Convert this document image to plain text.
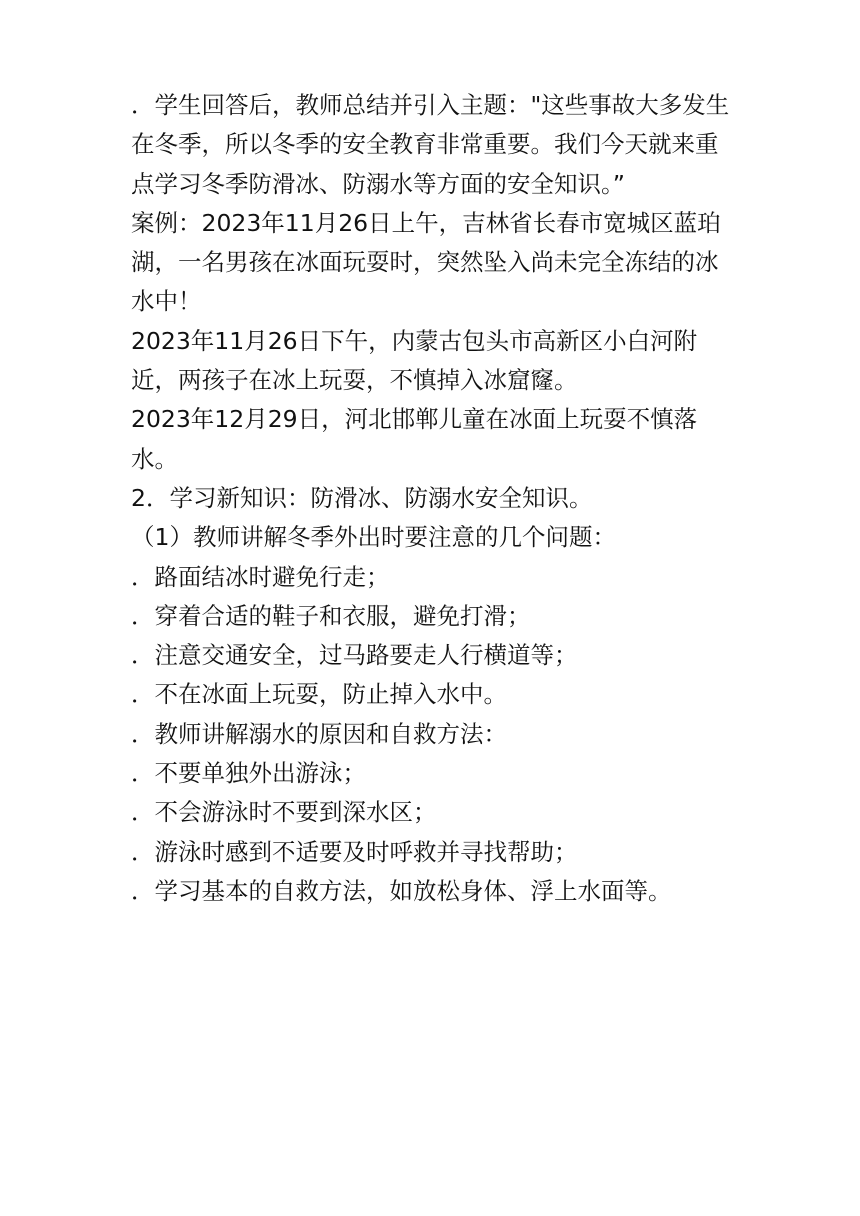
．学生回答后，教师总结并引入主题："这些事故大多发生在冬季，所以冬季的安全教育非常重要。我们今天就来重点学习冬季防滑冰、防溺水等方面的安全知识。”

案例：2023年11月26日上午，吉林省长春市宽城区蓝珀湖，一名男孩在冰面玩耍时，突然坠入尚未完全冻结的冰水中！

2023年11月26日下午，内蒙古包头市高新区小白河附近，两孩子在冰上玩耍，不慎掉入冰窟窿。

2023年12月29日，河北邯郸儿童在冰面上玩耍不慎落水。

2．学习新知识：防滑冰、防溺水安全知识。

（1）教师讲解冬季外出时要注意的几个问题：

．路面结冰时避免行走；

．穿着合适的鞋子和衣服，避免打滑；

．注意交通安全，过马路要走人行横道等；

．不在冰面上玩耍，防止掉入水中。

．教师讲解溺水的原因和自救方法：

．不要单独外出游泳；

．不会游泳时不要到深水区；

．游泳时感到不适要及时呼救并寻找帮助；

．学习基本的自救方法，如放松身体、浮上水面等。
